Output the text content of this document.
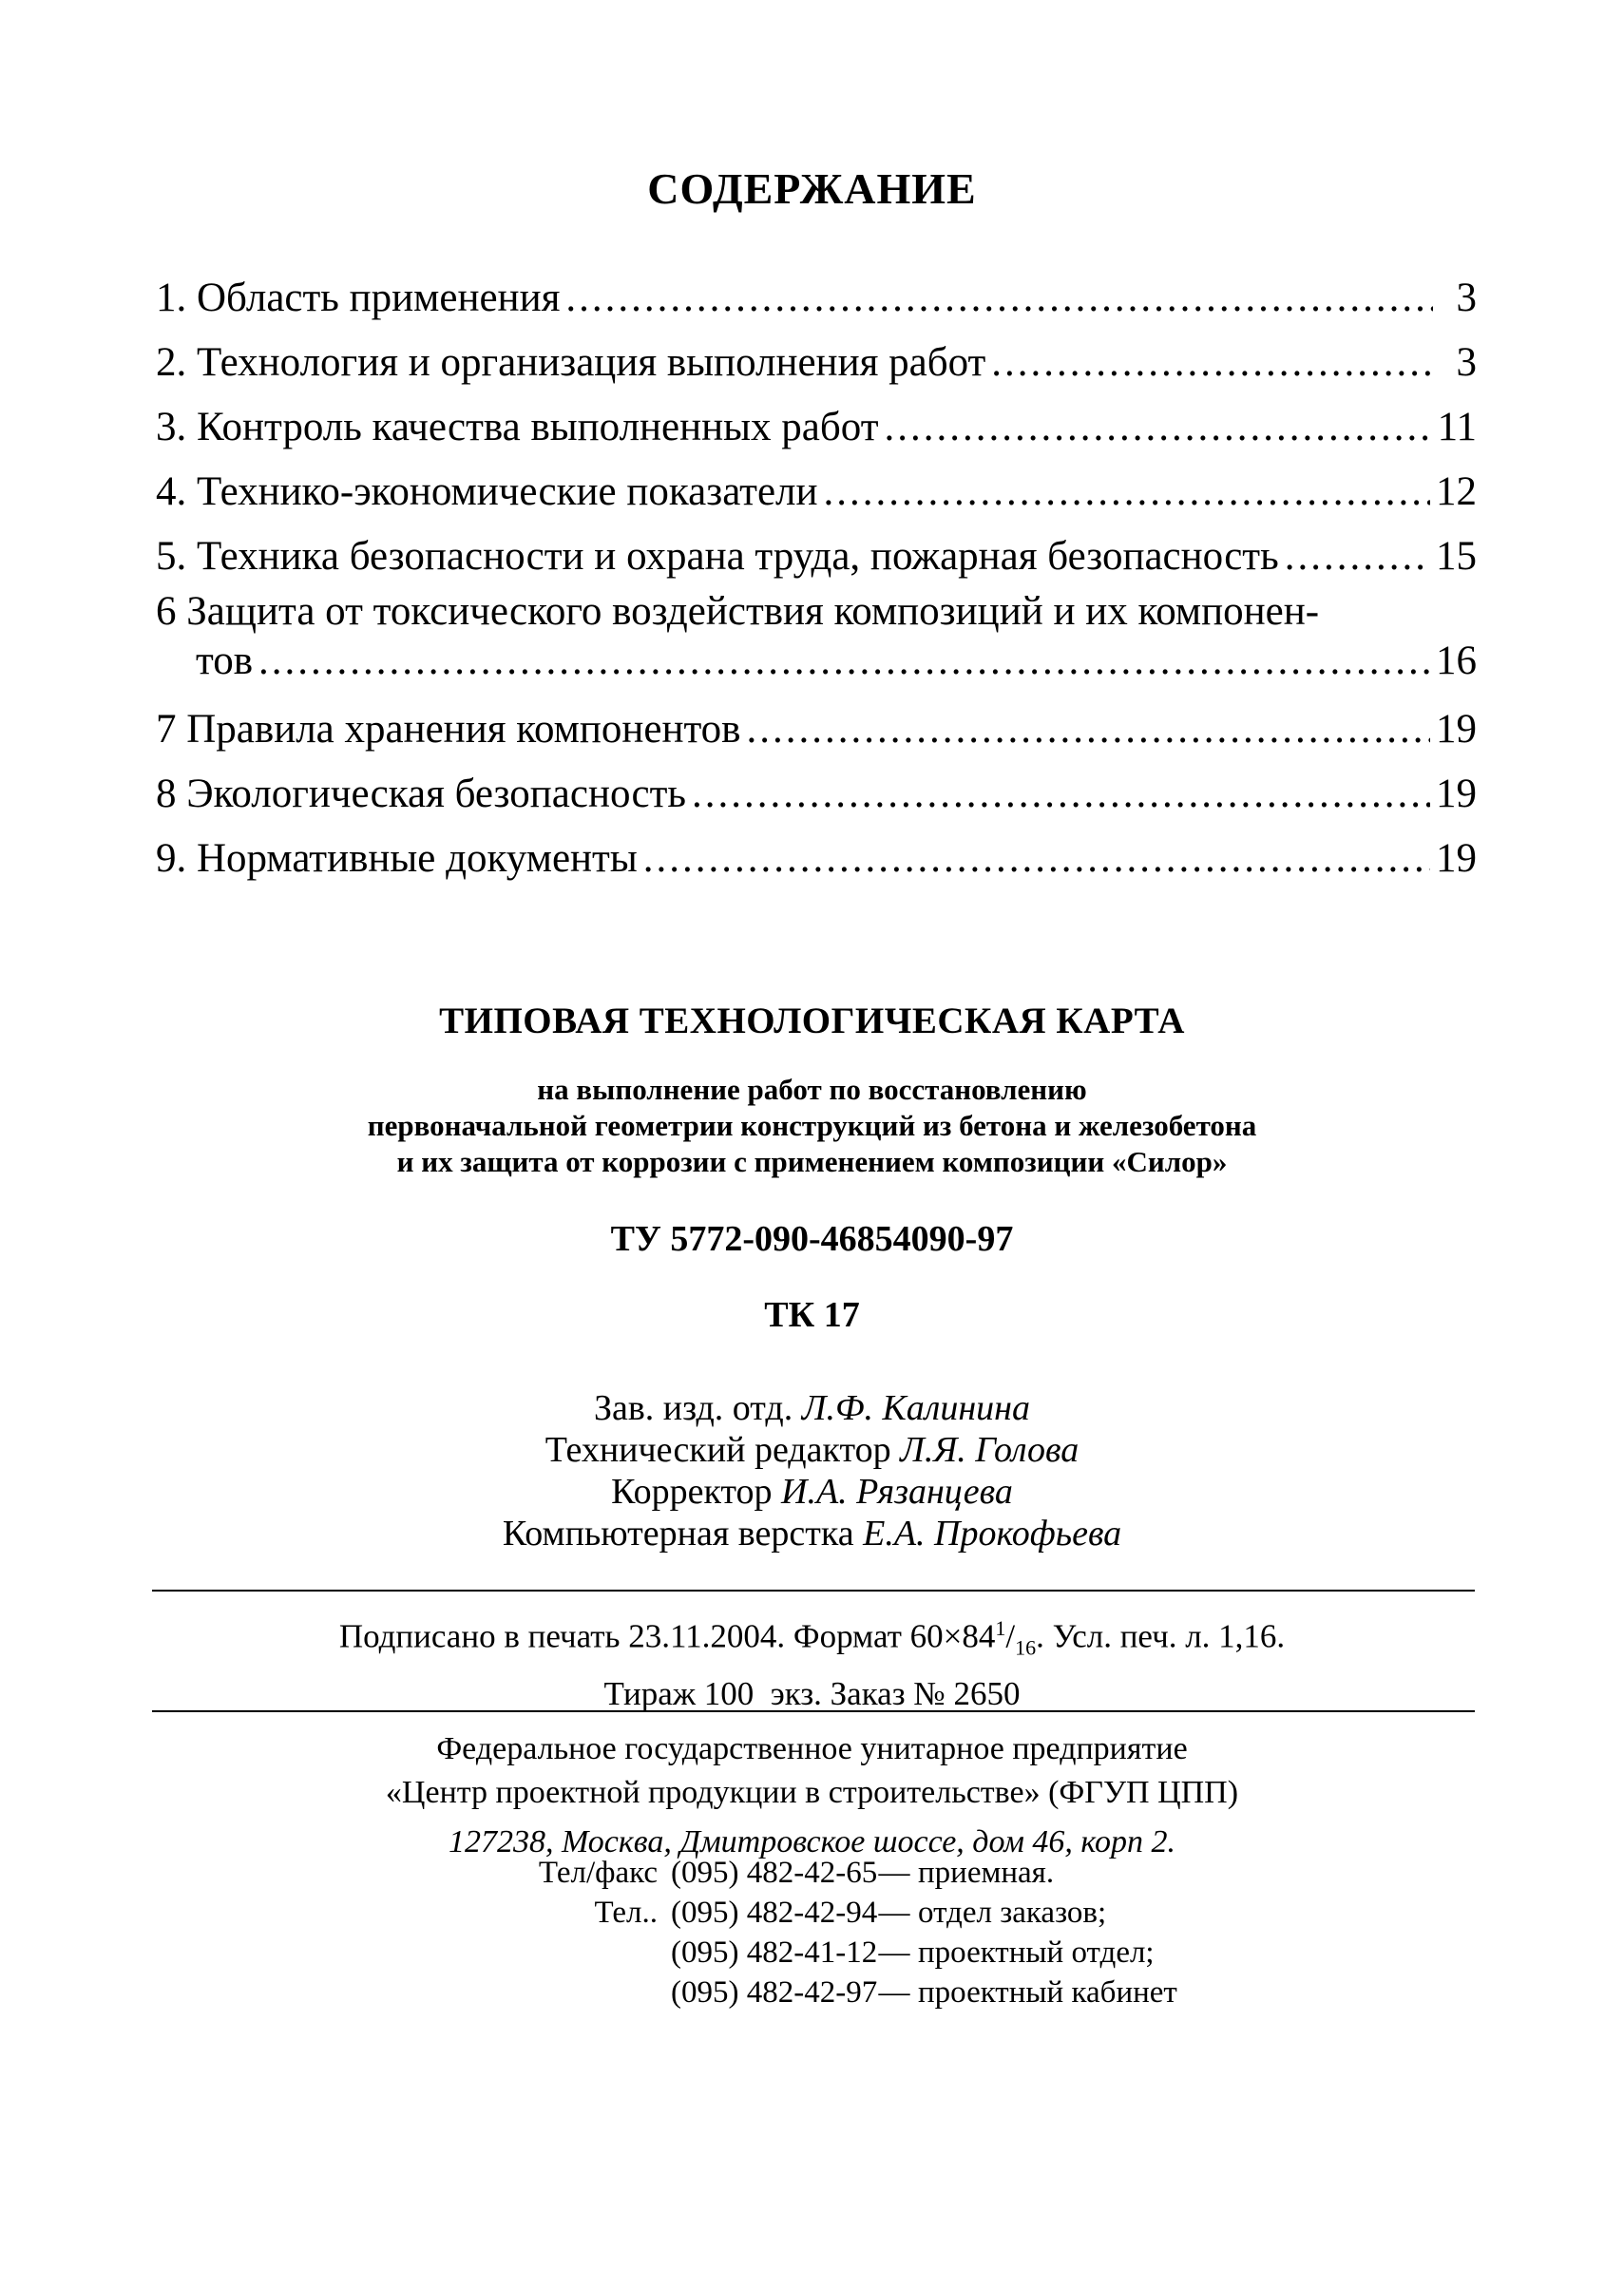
СОДЕРЖАНИЕ
1. Область применения .....	3
2. Технология и организация выполнения работ .....	3
3. Контроль качества выполненных работ .....	11
4. Технико-экономические показатели .....	12
5. Техника безопасности и охрана труда, пожарная безопасность .....	15
6 Защита от токсического воздействия композиций и их компонен-
тов .....	16
7 Правила хранения компонентов .....	19
8 Экологическая безопасность .....	19
9. Нормативные документы .....	19
ТИПОВАЯ ТЕХНОЛОГИЧЕСКАЯ КАРТА
на выполнение работ по восстановлению
первоначальной геометрии конструкций из бетона и железобетона
и их защита от коррозии с применением композиции «Силор»
ТУ 5772-090-46854090-97
ТК 17
Зав. изд. отд. Л.Ф. Калинина
Технический редактор Л.Я. Голова
Корректор И.А. Рязанцева
Компьютерная верстка Е.А. Прокофьева
Подписано в печать 23.11.2004. Формат $60\times 84^1/_{16}$. Усл. печ. л. 1,16.
Тираж 100  экз. Заказ № 2650
Федеральное государственное унитарное предприятие
«Центр проектной продукции в строительстве» (ФГУП ЦПП)
127238, Москва, Дмитровское шоссе, дом 46, корп 2.
Тел/факс (095) 482-42-65 — приемная.
Тел.. (095) 482-42-94 — отдел заказов;
(095) 482-41-12 — проектный отдел;
(095) 482-42-97 — проектный кабинет
